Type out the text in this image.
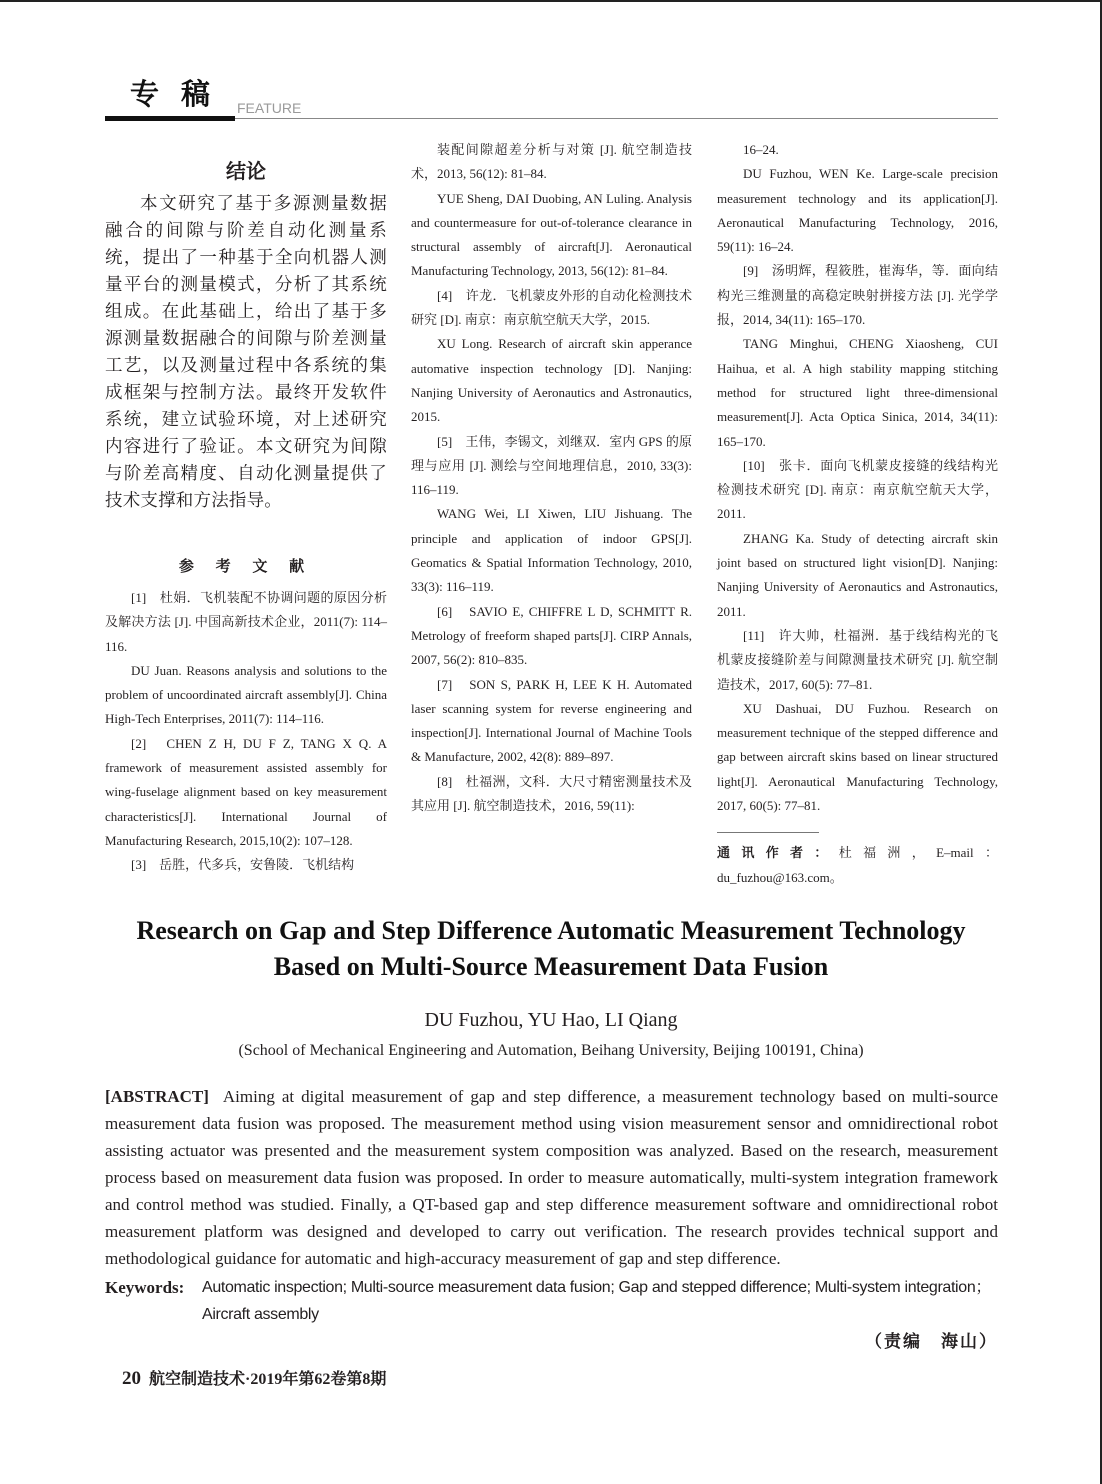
专稿 FEATURE

结论

本文研究了基于多源测量数据融合的间隙与阶差自动化测量系统，提出了一种基于全向机器人测量平台的测量模式，分析了其系统组成。在此基础上，给出了基于多源测量数据融合的间隙与阶差测量工艺，以及测量过程中各系统的集成框架与控制方法。最终开发软件系统，建立试验环境，对上述研究内容进行了验证。本文研究为间隙与阶差高精度、自动化测量提供了技术支撑和方法指导。

参 考 文 献

[1]　杜娟．飞机装配不协调问题的原因分析及解决方法 [J]. 中国高新技术企业，2011(7): 114–116.

DU Juan. Reasons analysis and solutions to the problem of uncoordinated aircraft assembly[J]. China High-Tech Enterprises, 2011(7): 114–116.

[2]　CHEN Z H, DU F Z, TANG X Q. A framework of measurement assisted assembly for wing-fuselage alignment based on key measurement characteristics[J]. International Journal of Manufacturing Research, 2015,10(2): 107–128.

[3]　岳胜，代多兵，安鲁陵．飞机结构

装配间隙超差分析与对策 [J]. 航空制造技术，2013, 56(12): 81–84.

YUE Sheng, DAI Duobing, AN Luling. Analysis and countermeasure for out-of-tolerance clearance in structural assembly of aircraft[J]. Aeronautical Manufacturing Technology, 2013, 56(12): 81–84.

[4]　许龙．飞机蒙皮外形的自动化检测技术研究 [D]. 南京：南京航空航天大学，2015.

XU Long. Research of aircraft skin apperance automative inspection technology [D]. Nanjing: Nanjing University of Aeronautics and Astronautics, 2015.

[5]　王伟，李锡文，刘继双．室内 GPS 的原理与应用 [J]. 测绘与空间地理信息，2010, 33(3): 116–119.

WANG Wei, LI Xiwen, LIU Jishuang. The principle and application of indoor GPS[J]. Geomatics & Spatial Information Technology, 2010, 33(3): 116–119.

[6]　SAVIO E, CHIFFRE L D, SCHMITT R. Metrology of freeform shaped parts[J]. CIRP Annals, 2007, 56(2): 810–835.

[7]　SON S, PARK H, LEE K H. Automated laser scanning system for reverse engineering and inspection[J]. International Journal of Machine Tools & Manufacture, 2002, 42(8): 889–897.

[8]　杜福洲，文科．大尺寸精密测量技术及其应用 [J]. 航空制造技术，2016, 59(11):

16–24.

DU Fuzhou, WEN Ke. Large-scale precision measurement technology and its application[J]. Aeronautical Manufacturing Technology, 2016, 59(11): 16–24.

[9]　汤明辉，程筱胜，崔海华，等．面向结构光三维测量的高稳定映射拼接方法 [J]. 光学学报，2014, 34(11): 165–170.

TANG Minghui, CHENG Xiaosheng, CUI Haihua, et al. A high stability mapping stitching method for structured light three-dimensional measurement[J]. Acta Optica Sinica, 2014, 34(11): 165–170.

[10]　张卡．面向飞机蒙皮接缝的线结构光检测技术研究 [D]. 南京：南京航空航天大学，2011.

ZHANG Ka. Study of detecting aircraft skin joint based on structured light vision[D]. Nanjing: Nanjing University of Aeronautics and Astronautics, 2011.

[11]　许大帅，杜福洲．基于线结构光的飞机蒙皮接缝阶差与间隙测量技术研究 [J]. 航空制造技术，2017, 60(5): 77–81.

XU Dashuai, DU Fuzhou. Research on measurement technique of the stepped difference and gap between aircraft skins based on linear structured light[J]. Aeronautical Manufacturing Technology, 2017, 60(5): 77–81.

通讯作者：杜福洲，E–mail：du_fuzhou@163.com。

Research on Gap and Step Difference Automatic Measurement Technology
Based on Multi-Source Measurement Data Fusion
DU Fuzhou, YU Hao, LI Qiang
(School of Mechanical Engineering and Automation, Beihang University, Beijing 100191, China)

[ABSTRACT] Aiming at digital measurement of gap and step difference, a measurement technology based on multi-source measurement data fusion was proposed. The measurement method using vision measurement sensor and omnidirectional robot assisting actuator was presented and the measurement system composition was analyzed. Based on the research, measurement process based on measurement data fusion was proposed. In order to measure automatically, multi-system integration framework and control method was studied. Finally, a QT-based gap and step difference measurement software and omnidirectional robot measurement platform was designed and developed to carry out verification. The research provides technical support and methodological guidance for automatic and high-accuracy measurement of gap and step difference.

Keywords: Automatic inspection; Multi-source measurement data fusion; Gap and stepped difference; Multi-system integration；Aircraft assembly
（责编　海山）
20 航空制造技术·2019年第62卷第8期
